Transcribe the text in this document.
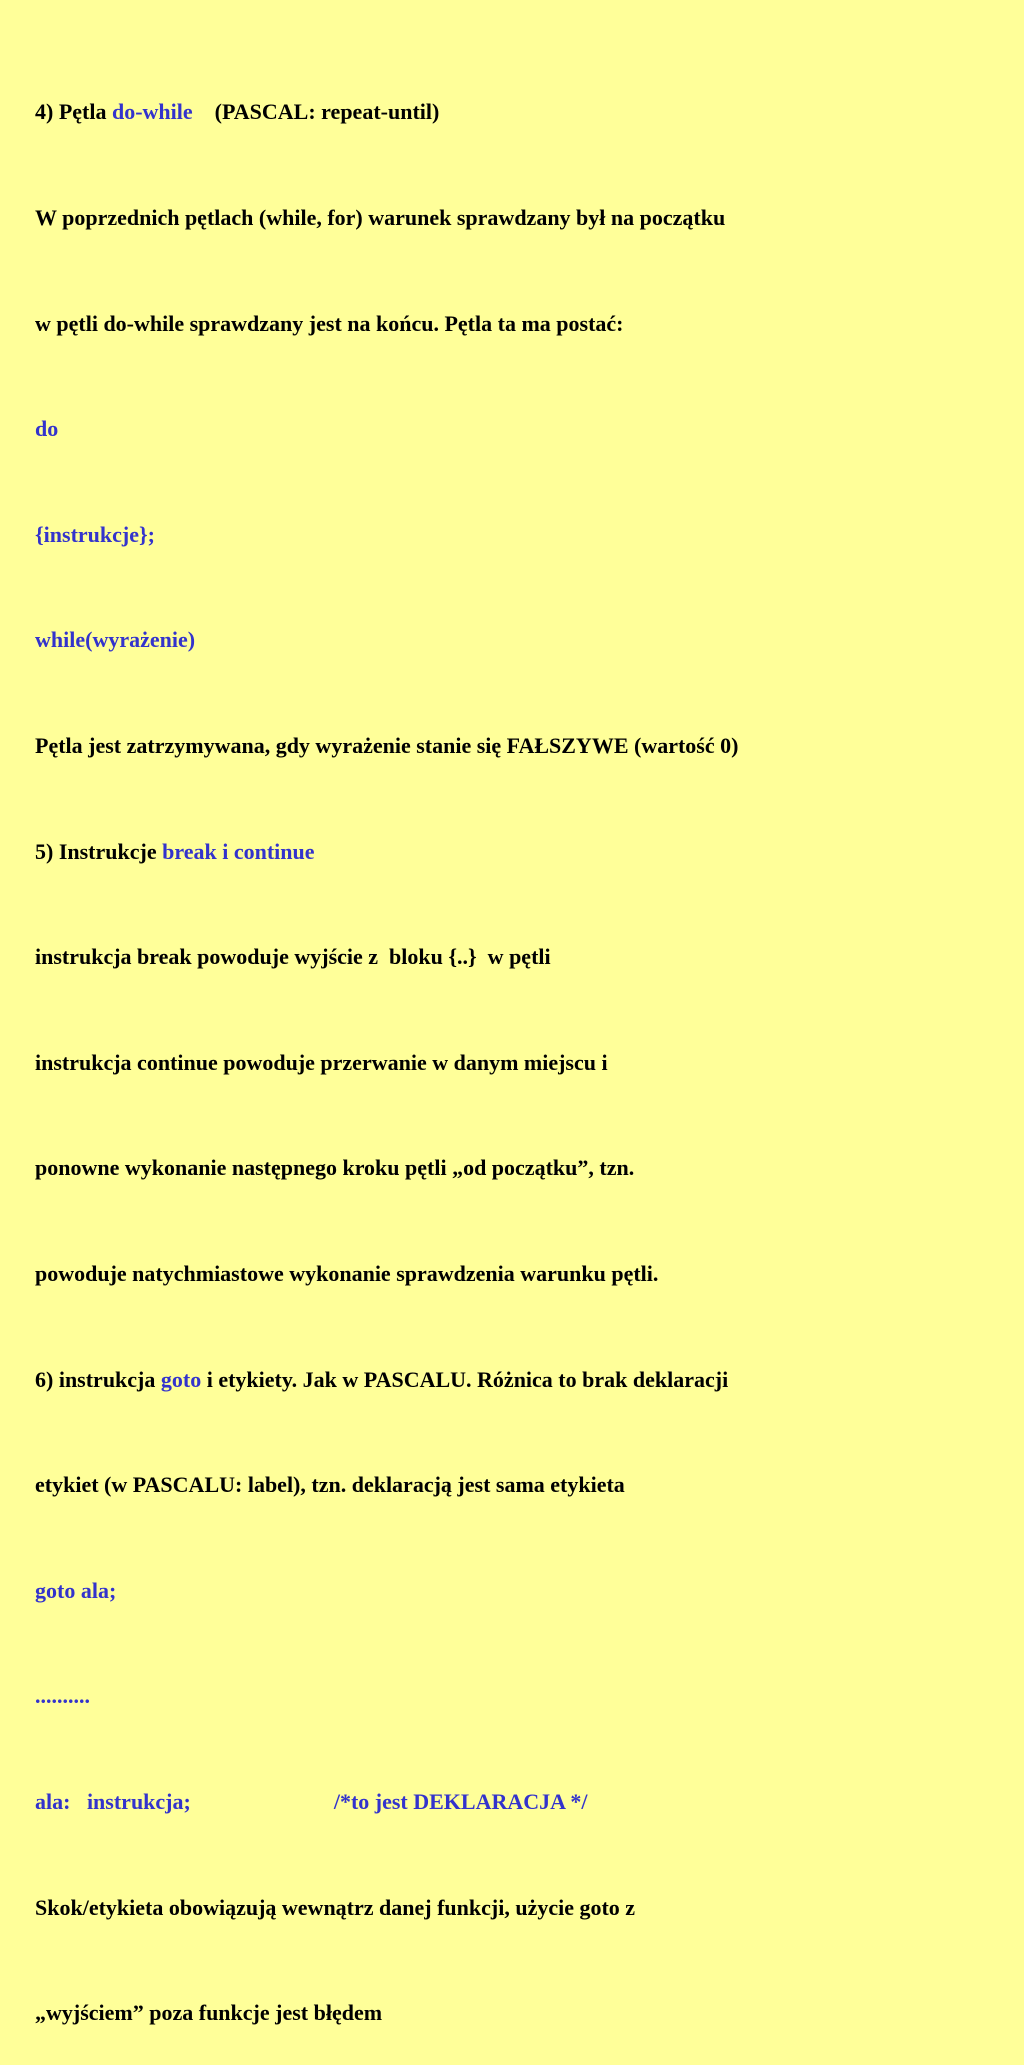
4) Pętla do-while    (PASCAL: repeat-until)

W poprzednich pętlach (while, for) warunek sprawdzany był na początku

w pętli do-while sprawdzany jest na końcu. Pętla ta ma postać:

do

{instrukcje};

while(wyrażenie)

Pętla jest zatrzymywana, gdy wyrażenie stanie się FAŁSZYWE (wartość 0)

5) Instrukcje break i continue

instrukcja break powoduje wyjście z  bloku {..}  w pętli

instrukcja continue powoduje przerwanie w danym miejscu i

ponowne wykonanie następnego kroku pętli „od początku”, tzn.

powoduje natychmiastowe wykonanie sprawdzenia warunku pętli.

6) instrukcja goto i etykiety. Jak w PASCALU. Różnica to brak deklaracji

etykiet (w PASCALU: label), tzn. deklaracją jest sama etykieta

goto ala;

..........

ala:   instrukcja;                          /*to jest DEKLARACJA */

Skok/etykieta obowiązują wewnątrz danej funkcji, użycie goto z

„wyjściem” poza funkcje jest błędem
